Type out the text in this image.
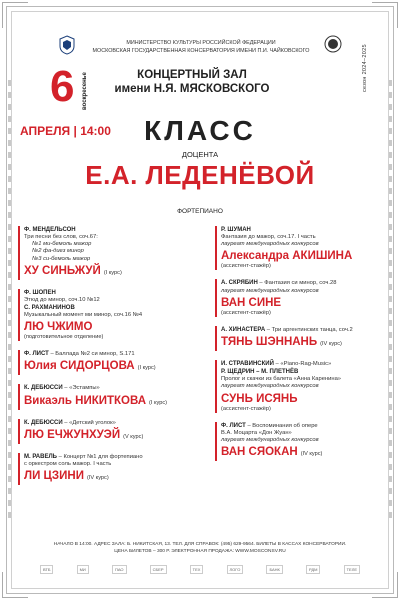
МИНИСТЕРСТВО КУЛЬТУРЫ РОССИЙСКОЙ ФЕДЕРАЦИИ
МОСКОВСКАЯ ГОСУДАРСТВЕННАЯ КОНСЕРВАТОРИЯ ИМЕНИ П.И. ЧАЙКОВСКОГО	сезон 2024–2025
6 воскресенье
АПРЕЛЯ | 14:00
КОНЦЕРТНЫЙ ЗАЛ
имени Н.Я. МЯСКОВСКОГО
КЛАСС
ДОЦЕНТА
Е.А. ЛЕДЕНЁВОЙ
ФОРТЕПИАНО
Ф. МЕНДЕЛЬСОН
Три песни без слов, соч.67:
№1 ми-бемоль мажор
№2 фа-диез минор
№3 си-бемоль мажор
ХУ СИНЬЖУЙ (I курс)
Ф. ШОПЕН
Этюд до минор, соч.10 №12
С. РАХМАНИНОВ
Музыкальный момент ми минор, соч.16 №4
ЛЮ ЧЖИМО
(подготовительное отделение)
Ф. ЛИСТ – Баллада №2 си минор, S.171
Юлия СИДОРЦОВА (I курс)
К. ДЕБЮССИ – «Эстампы»
Викаэль НИКИТКОВА (I курс)
К. ДЕБЮССИ – «Детский уголок»
ЛЮ ЕЧЖУНХУЭЙ (V курс)
М. РАВЕЛЬ – Концерт №1 для фортепиано
с оркестром соль мажор. I часть
ЛИ ЦЗИНИ (IV курс)
Р. ШУМАН
Фантазия до мажор, соч.17. I часть
лауреат международных конкурсов
Александра АКИШИНА
(ассистент-стажёр)
А. СКРЯБИН – Фантазия си минор, соч.28
лауреат международных конкурсов
ВАН СИНЕ
(ассистент-стажёр)
А. ХИНАСТЕРА – Три аргентинских танца, соч.2
ТЯНЬ ШЭННАНЬ (IV курс)
И. СТРАВИНСКИЙ – «Piano-Rag-Music»
Р. ЩЕДРИН – М. ПЛЕТНЁВ
Пролог и скачки из балета «Анна Каренина»
лауреат международных конкурсов
СУНЬ ИСЯНЬ
(ассистент-стажёр)
Ф. ЛИСТ – Воспоминания об опере
В.А. Моцарта «Дон Жуан»
лауреат международных конкурсов
ВАН СЯОКАН (IV курс)
НАЧАЛО В 14:00. АДРЕС ЗАЛА: Б. НИКИТСКАЯ, 13. ТЕЛ. ДЛЯ СПРАВОК: (495) 629-9564. БИЛЕТЫ В КАССАХ КОНСЕРВАТОРИИ.
ЦЕНА БИЛЕТОВ – 300 Р. ЭЛЕКТРОННАЯ ПРОДАЖА: WWW.MOSCONSV.RU
ВТБ	МИ	ПАО	СБЕР	ТЕХ	ЛОГО	БАНК	РДМ	ТЕЛЕ
